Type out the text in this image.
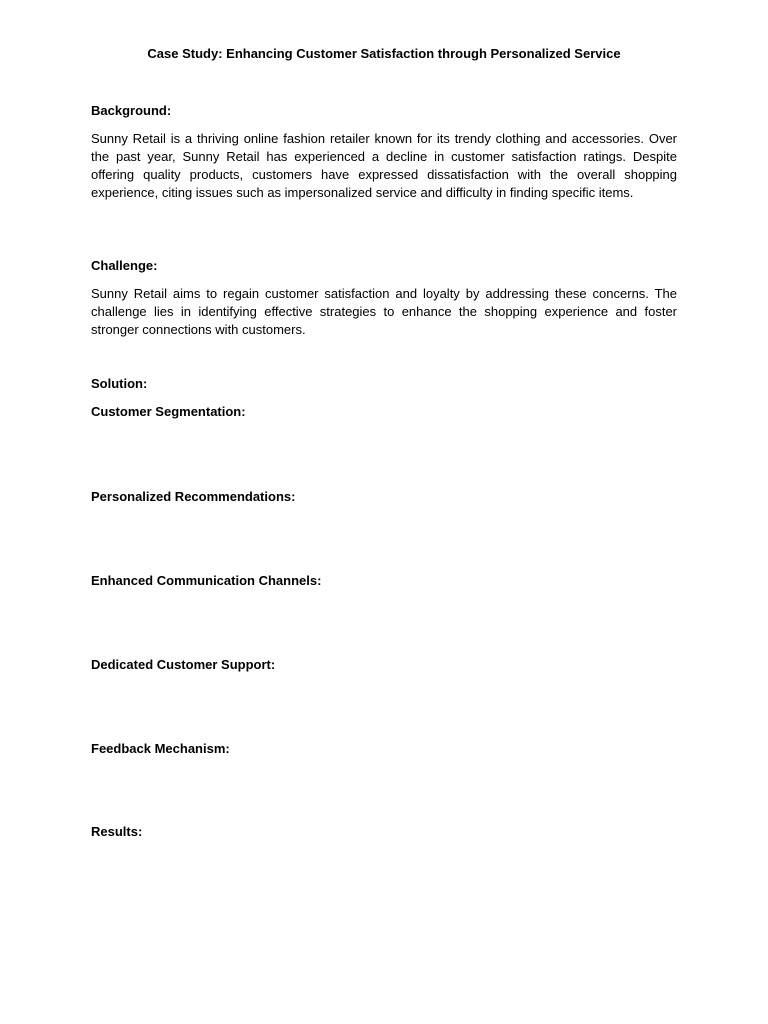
Case Study: Enhancing Customer Satisfaction through Personalized Service
Background:
Sunny Retail is a thriving online fashion retailer known for its trendy clothing and accessories. Over the past year, Sunny Retail has experienced a decline in customer satisfaction ratings. Despite offering quality products, customers have expressed dissatisfaction with the overall shopping experience, citing issues such as impersonalized service and difficulty in finding specific items.
Challenge:
Sunny Retail aims to regain customer satisfaction and loyalty by addressing these concerns. The challenge lies in identifying effective strategies to enhance the shopping experience and foster stronger connections with customers.
Solution:
Customer Segmentation:
Personalized Recommendations:
Enhanced Communication Channels:
Dedicated Customer Support:
Feedback Mechanism:
Results:
